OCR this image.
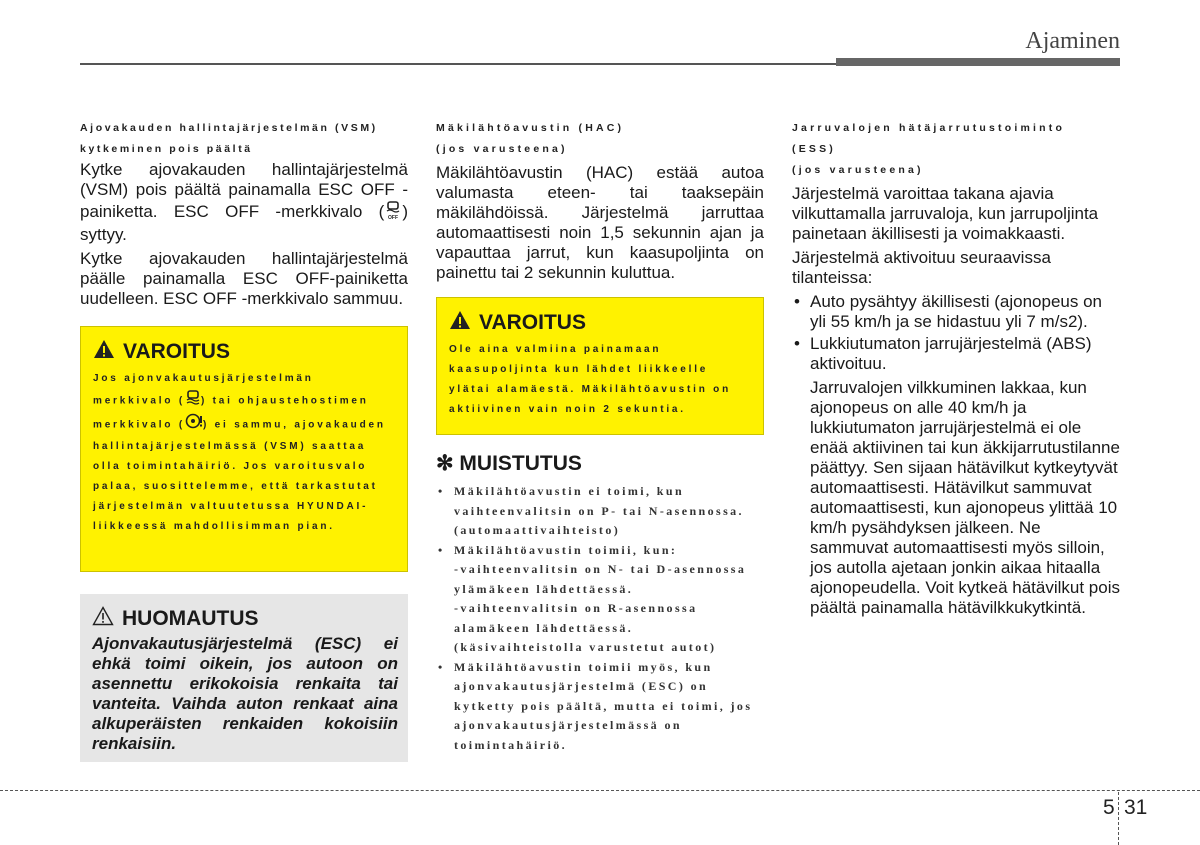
Ajaminen
Ajovakauden hallintajärjestelmän (VSM)
kytkeminen pois päältä

Kytke ajovakauden hallintajärjestelmä (VSM) pois päältä painamalla ESC OFF -painiketta. ESC OFF -merkkivalo ( OFF ) syttyy.

Kytke ajovakauden hallintajärjestelmä päälle painamalla ESC OFF-painiketta uudelleen. ESC OFF -merkkivalo sammuu.

VAROITUS
Jos ajonvakautusjärjestelmän merkkivalo ( ) tai ohjaustehostimen merkkivalo ( ) ei sammu, ajovakauden hallintajärjestelmässä (VSM) saattaa olla toimintahäiriö. Jos varoitusvalo palaa, suosittelemme, että tarkastutat järjestelmän valtuutetussa HYUNDAI-liikkeessä mahdollisimman pian.
HUOMAUTUS
Ajonvakautusjärjestelmä (ESC) ei ehkä toimi oikein, jos autoon on asennettu erikokoisia renkaita tai vanteita. Vaihda auton renkaat aina alkuperäisten renkaiden kokoisiin renkaisiin.
Mäkilähtöavustin (HAC)
(jos varusteena)

Mäkilähtöavustin (HAC) estää autoa valumasta eteen- tai taaksepäin mäkilähdöissä. Järjestelmä jarruttaa automaattisesti noin 1,5 sekunnin ajan ja vapauttaa jarrut, kun kaasupoljinta on painettu tai 2 sekunnin kuluttua.

VAROITUS
Ole aina valmiina painamaan kaasupoljinta kun lähdet liikkeelle ylätai alamäestä. Mäkilähtöavustin on aktiivinen vain noin 2 sekuntia.
✻ MUISTUTUS
• Mäkilähtöavustin ei toimi, kun vaihteenvalitsin on P- tai N-asennossa. (automaattivaihteisto)
• Mäkilähtöavustin toimii, kun:
-vaihteenvalitsin on N- tai D-asennossa ylämäkeen lähdettäessä.
-vaihteenvalitsin on R-asennossa alamäkeen lähdettäessä.
(käsivaihteistolla varustetut autot)
• Mäkilähtöavustin toimii myös, kun ajonvakautusjärjestelmä (ESC) on kytketty pois päältä, mutta ei toimi, jos ajonvakautusjärjestelmässä on toimintahäiriö.
Jarruvalojen hätäjarrutustoiminto
(ESS)
(jos varusteena)

Järjestelmä varoittaa takana ajavia vilkuttamalla jarruvaloja, kun jarrupoljinta painetaan äkillisesti ja voimakkaasti.

Järjestelmä aktivoituu seuraavissa tilanteissa:

• Auto pysähtyy äkillisesti (ajonopeus on yli 55 km/h ja se hidastuu yli 7 m/s2).
• Lukkiutumaton jarrujärjestelmä (ABS) aktivoituu.
Jarruvalojen vilkkuminen lakkaa, kun ajonopeus on alle 40 km/h ja lukkiutumaton jarrujärjestelmä ei ole enää aktiivinen tai kun äkkijarrutustilanne päättyy. Sen sijaan hätävilkut kytkeytyvät automaattisesti. Hätävilkut sammuvat automaattisesti, kun ajonopeus ylittää 10 km/h pysähdyksen jälkeen. Ne sammuvat automaattisesti myös silloin, jos autolla ajetaan jonkin aikaa hitaalla ajonopeudella. Voit kytkeä hätävilkut pois päältä painamalla hätävilkkukytkintä.
5 31
